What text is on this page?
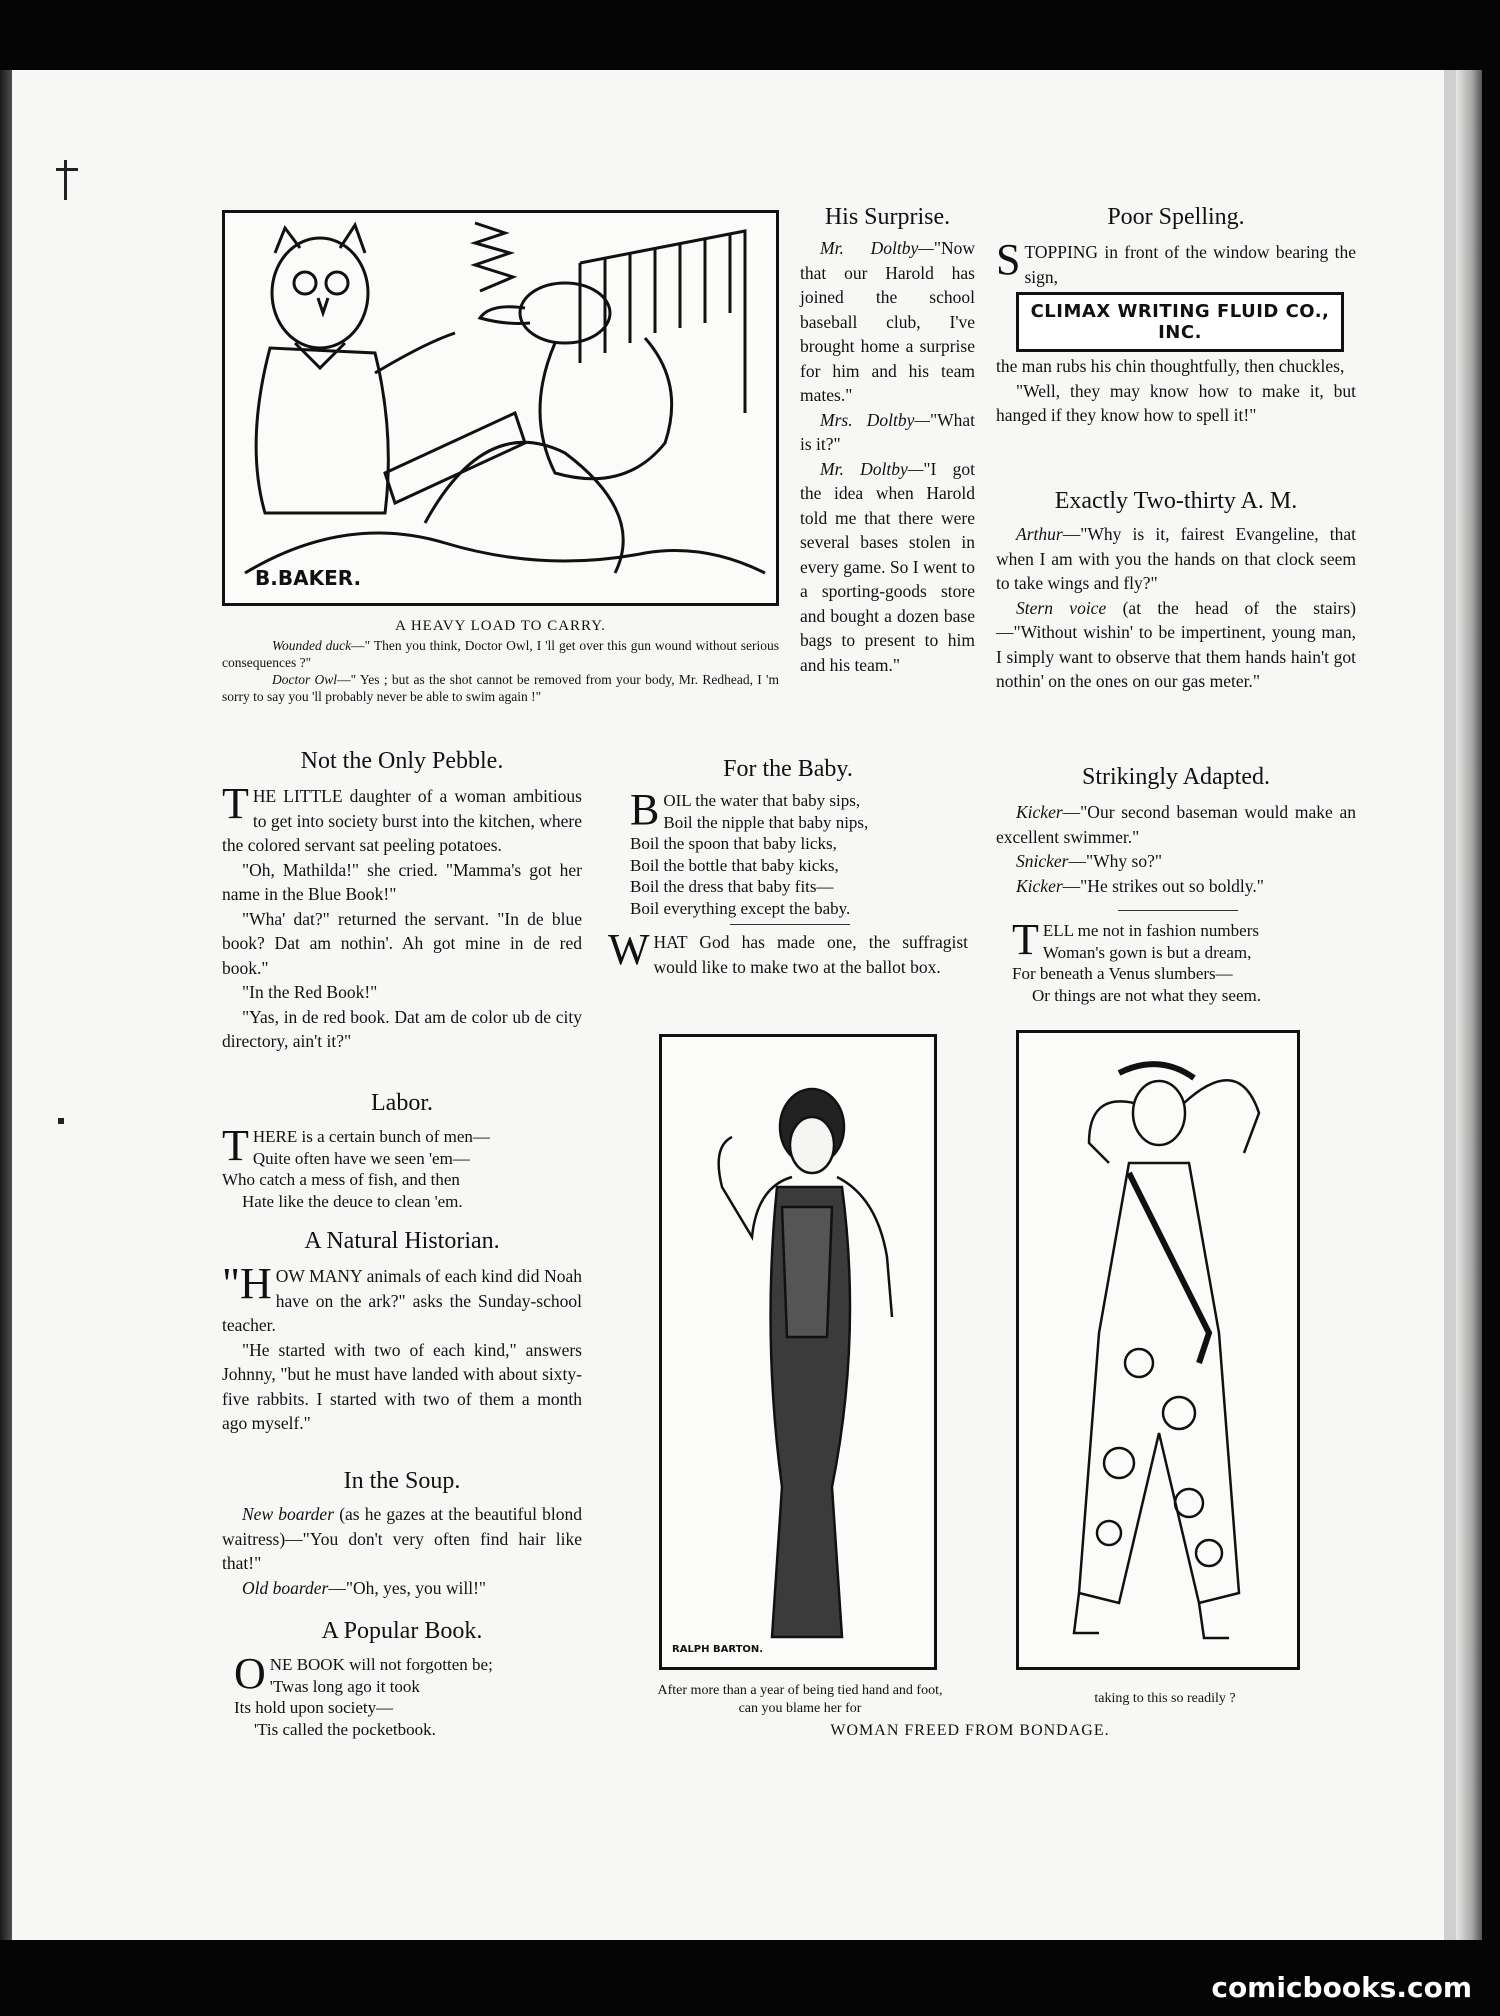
B.BAKER.
A HEAVY LOAD TO CARRY.
Wounded duck—" Then you think, Doctor Owl, I 'll get over this gun wound without serious consequences ?"
Doctor Owl—" Yes ; but as the shot cannot be removed from your body, Mr. Redhead, I 'm sorry to say you 'll probably never be able to swim again !"
His Surprise.

Mr. Doltby—"Now that our Harold has joined the school baseball club, I've brought home a surprise for him and his team mates."

Mrs. Doltby—"What is it?"

Mr. Doltby—"I got the idea when Harold told me that there were several bases stolen in every game. So I went to a sporting-goods store and bought a dozen base bags to present to him and his team."

Poor Spelling.
STOPPING in front of the window bearing the sign,
CLIMAX WRITING FLUID CO., INC.

the man rubs his chin thoughtfully, then chuckles,

"Well, they may know how to make it, but hanged if they know how to spell it!"

Exactly Two-thirty A. M.

Arthur—"Why is it, fairest Evangeline, that when I am with you the hands on that clock seem to take wings and fly?"

Stern voice (at the head of the stairs) —"Without wishin' to be impertinent, young man, I simply want to observe that them hands hain't got nothin' on the ones on our gas meter."

Not the Only Pebble.
THE LITTLE daughter of a woman ambitious to get into society burst into the kitchen, where the colored servant sat peeling potatoes.

"Oh, Mathilda!" she cried. "Mamma's got her name in the Blue Book!"

"Wha' dat?" returned the servant. "In de blue book? Dat am nothin'. Ah got mine in de red book."

"In the Red Book!"

"Yas, in de red book. Dat am de color ub de city directory, ain't it?"

For the Baby.
B OIL the water that baby sips,
Boil the nipple that baby nips,
Boil the spoon that baby licks,
Boil the bottle that baby kicks,
Boil the dress that baby fits—
Boil everything except the baby.
WHAT God has made one, the suffragist would like to make two at the ballot box.
Strikingly Adapted.

Kicker—"Our second baseman would make an excellent swimmer."

Snicker—"Why so?"

Kicker—"He strikes out so boldly."

T ELL me not in fashion numbers

Woman's gown is but a dream,
For beneath a Venus slumbers—

Or things are not what they seem.
Labor.
T HERE is a certain bunch of men—

Quite often have we seen 'em—
Who catch a mess of fish, and then

Hate like the deuce to clean 'em.
A Natural Historian.
"HOW MANY animals of each kind did Noah have on the ark?" asks the Sunday-school teacher.

"He started with two of each kind," answers Johnny, "but he must have landed with about sixty-five rabbits. I started with two of them a month ago myself."

In the Soup.

New boarder (as he gazes at the beautiful blond waitress)—"You don't very often find hair like that!"

Old boarder—"Oh, yes, you will!"

A Popular Book.
O NE BOOK will not forgotten be;

'Twas long ago it took
Its hold upon society—

'Tis called the pocketbook.
RALPH BARTON.
After more than a year of being tied hand and foot, can you blame her for
taking to this so readily ?
WOMAN FREED FROM BONDAGE.
comicbooks.com
